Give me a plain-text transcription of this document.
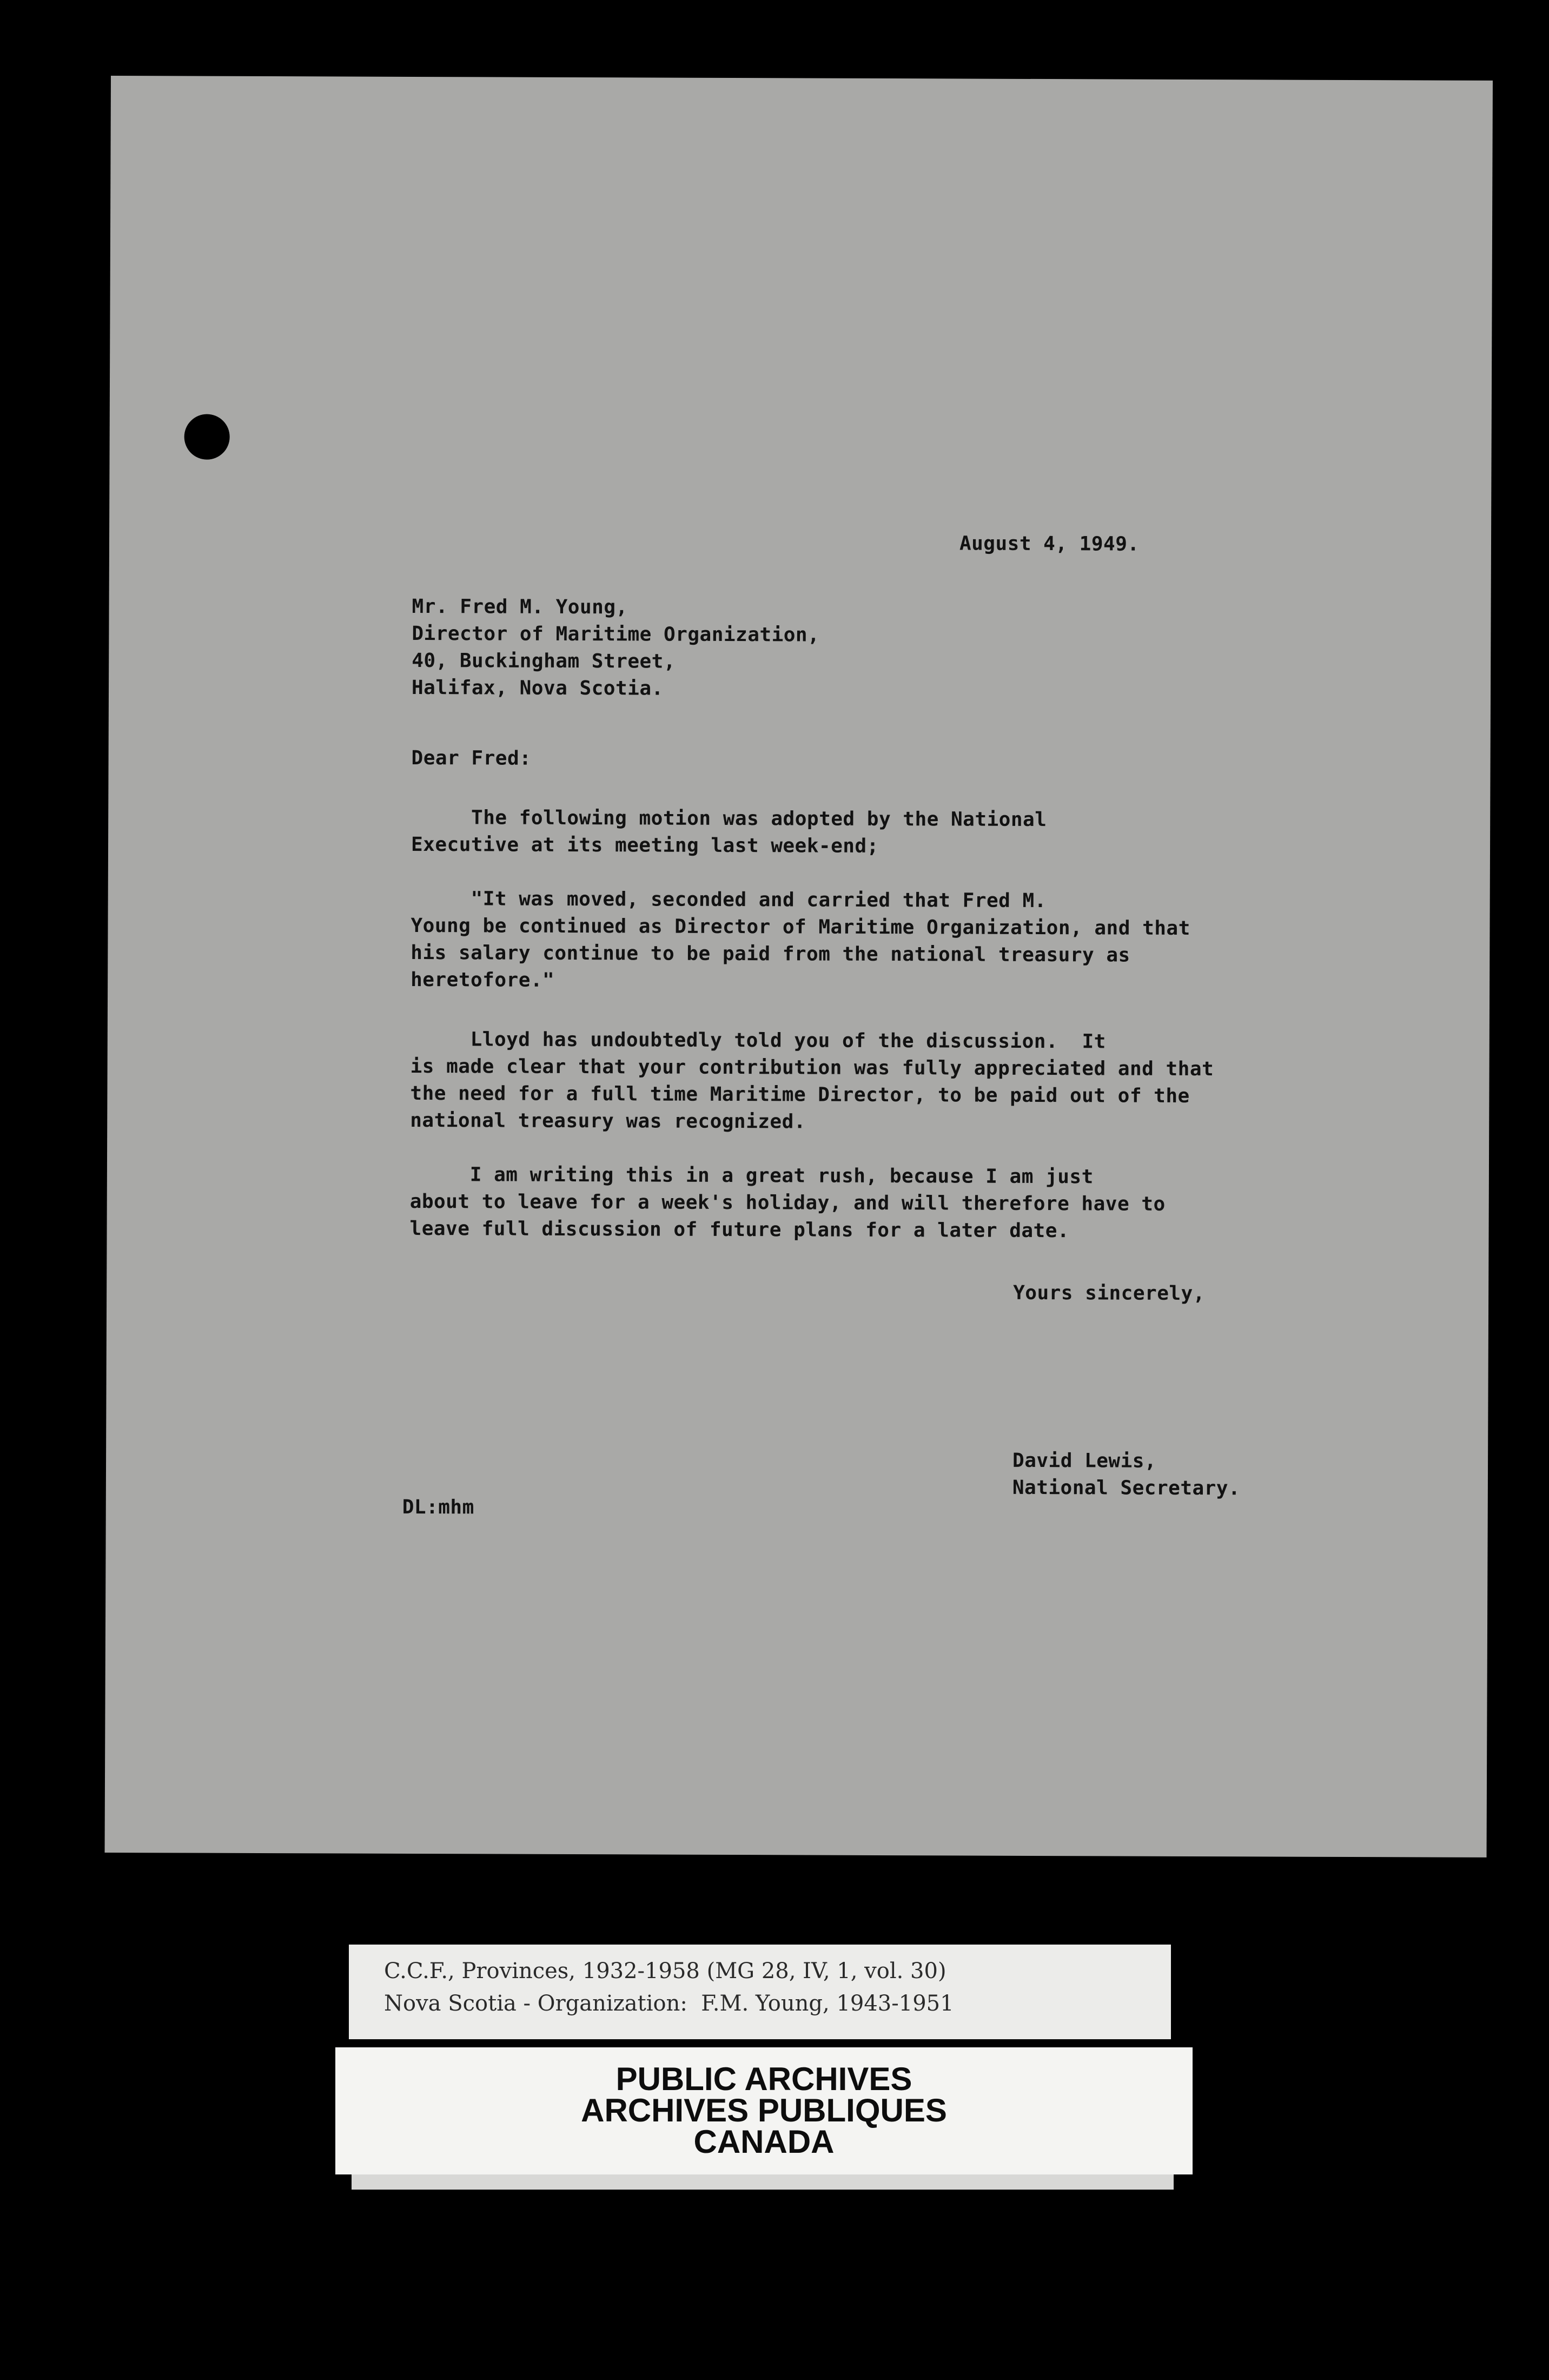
August 4, 1949.

Mr. Fred M. Young,
Director of Maritime Organization,
40, Buckingham Street,
Halifax, Nova Scotia.

Dear Fred:

The following motion was adopted by the National
Executive at its meeting last week-end;
"It was moved, seconded and carried that Fred M.
Young be continued as Director of Maritime Organization, and that
his salary continue to be paid from the national treasury as
heretofore."
Lloyd has undoubtedly told you of the discussion.  It
is made clear that your contribution was fully appreciated and that
the need for a full time Maritime Director, to be paid out of the
national treasury was recognized.
I am writing this in a great rush, because I am just
about to leave for a week's holiday, and will therefore have to
leave full discussion of future plans for a later date.

Yours sincerely,

David Lewis,
National Secretary.

DL:mhm

C.C.F., Provinces, 1932-1958 (MG 28, IV, 1, vol. 30)
Nova Scotia - Organization:  F.M. Young, 1943-1951
PUBLIC ARCHIVES
ARCHIVES PUBLIQUES
CANADA
